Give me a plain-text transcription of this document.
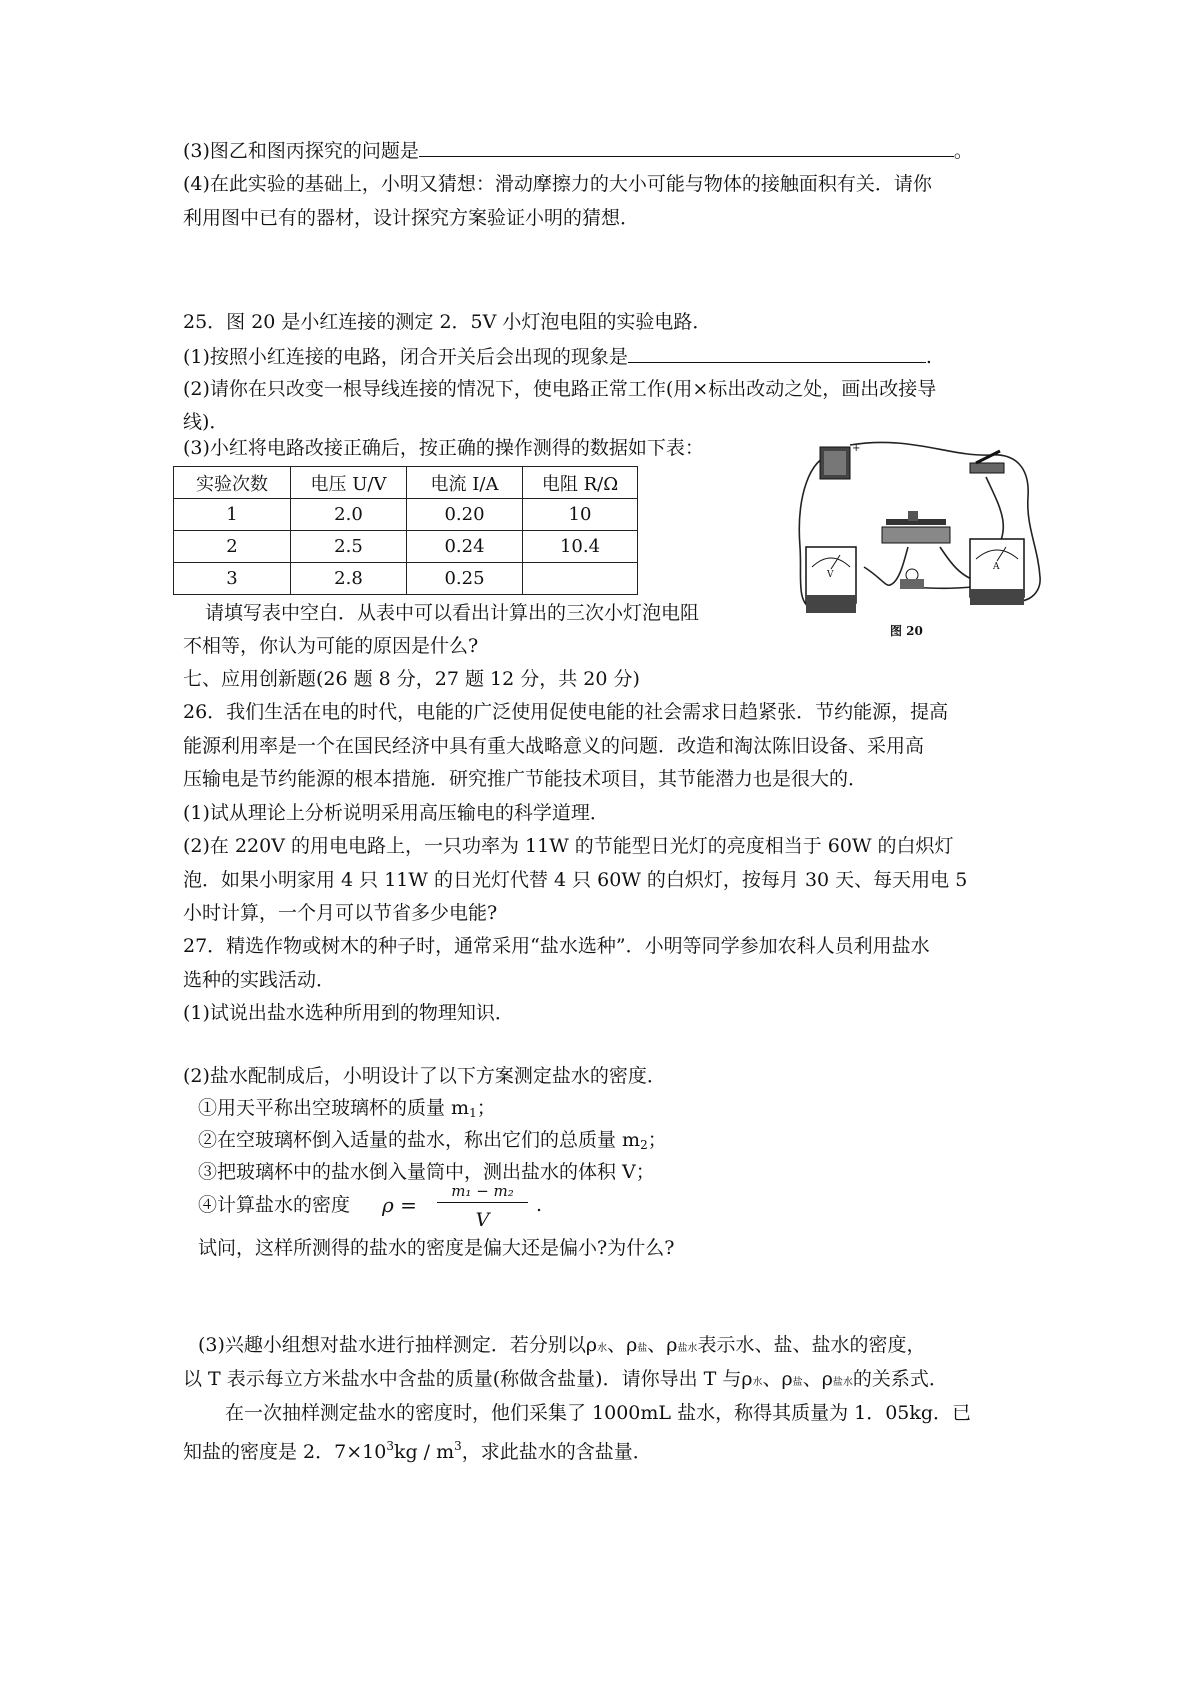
(3)图乙和图丙探究的问题是	。
(4)在此实验的基础上，小明又猜想：滑动摩擦力的大小可能与物体的接触面积有关．请你
利用图中已有的器材，设计探究方案验证小明的猜想．
25．图 20 是小红连接的测定 2．5V 小灯泡电阻的实验电路．
(1)按照小红连接的电路，闭合开关后会出现的现象是	.
(2)请你在只改变一根导线连接的情况下，使电路正常工作(用×标出改动之处，画出改接导
线)．
(3)小红将电路改接正确后，按正确的操作测得的数据如下表：
实验次数	电压 U/V	电流 I/A	电阻 R/Ω
1	2.0	0.20	10
2	2.5	0.24	10.4
3	2.8	0.25	
+
V
A
图 20
请填写表中空白．从表中可以看出计算出的三次小灯泡电阻
不相等，你认为可能的原因是什么?
七、应用创新题(26 题 8 分，27 题 12 分，共 20 分)
26．我们生活在电的时代，电能的广泛使用促使电能的社会需求日趋紧张．节约能源，提高
能源利用率是一个在国民经济中具有重大战略意义的问题．改造和淘汰陈旧设备、采用高
压输电是节约能源的根本措施．研究推广节能技术项目，其节能潜力也是很大的．
(1)试从理论上分析说明采用高压输电的科学道理．
(2)在 220V 的用电电路上，一只功率为 11W 的节能型日光灯的亮度相当于 60W 的白炽灯
泡．如果小明家用 4 只 11W 的日光灯代替 4 只 60W 的白炽灯，按每月 30 天、每天用电 5
小时计算，一个月可以节省多少电能?
27．精选作物或树木的种子时，通常采用“盐水选种”．小明等同学参加农科人员利用盐水
选种的实践活动．
(1)试说出盐水选种所用到的物理知识．
(2)盐水配制成后，小明设计了以下方案测定盐水的密度．
①用天平称出空玻璃杯的质量 $m_1$；
②在空玻璃杯倒入适量的盐水，称出它们的总质量 $m_2$；
③把玻璃杯中的盐水倒入量筒中，测出盐水的体积 V；
④计算盐水的密度 ρ =
m₁ − m₂
V
.
试问，这样所测得的盐水的密度是偏大还是偏小?为什么?
(3)兴趣小组想对盐水进行抽样测定．若分别以ρ水、ρ盐、ρ盐水表示水、盐、盐水的密度，
以 T 表示每立方米盐水中含盐的质量(称做含盐量)．请你导出 T 与ρ水、ρ盐、ρ盐水的关系式．
在一次抽样测定盐水的密度时，他们采集了 1000mL 盐水，称得其质量为 1．05kg．已
知盐的密度是 2．$7\times 10^3kg / m^3$，求此盐水的含盐量．
